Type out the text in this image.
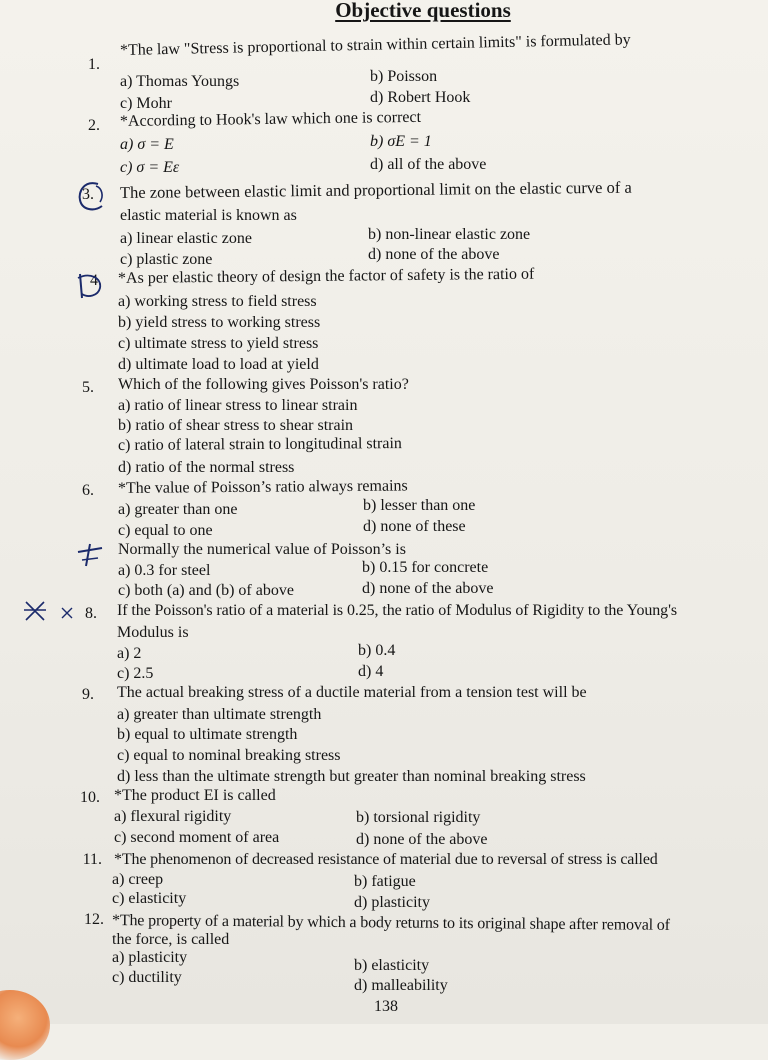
Objective questions
1.
*The law "Stress is proportional to strain within certain limits" is formulated by
a) Thomas Youngs	b) Poisson
c) Mohr	d) Robert Hook
2. *According to Hook's law which one is correct
a) σ = E	b) σE = 1
c) σ = Eε	d) all of the above
3. The zone between elastic limit and proportional limit on the elastic curve of a
elastic material is known as
a) linear elastic zone	b) non-linear elastic zone
c) plastic zone	d) none of the above
4. *As per elastic theory of design the factor of safety is the ratio of
a) working stress to field stress
b) yield stress to working stress
c) ultimate stress to yield stress
d) ultimate load to load at yield
5. Which of the following gives Poisson's ratio?
a) ratio of linear stress to linear strain
b) ratio of shear stress to shear strain
c) ratio of lateral strain to longitudinal strain
d) ratio of the normal stress
6. *The value of Poisson’s ratio always remains
a) greater than one	b) lesser than one
c) equal to one	d) none of these
Normally the numerical value of Poisson’s is
a) 0.3 for steel	b) 0.15 for concrete
c) both (a) and (b) of above	d) none of the above
8. If the Poisson's ratio of a material is 0.25, the ratio of Modulus of Rigidity to the Young's
Modulus is
a) 2	b) 0.4
c) 2.5	d) 4
9. The actual breaking stress of a ductile material from a tension test will be
a) greater than ultimate strength
b) equal to ultimate strength
c) equal to nominal breaking stress
d) less than the ultimate strength but greater than nominal breaking stress
10. *The product EI is called
a) flexural rigidity	b) torsional rigidity
c) second moment of area	d) none of the above
11. *The phenomenon of decreased resistance of material due to reversal of stress is called
a) creep	b) fatigue
c) elasticity	d) plasticity
12. *The property of a material by which a body returns to its original shape after removal of
the force, is called
a) plasticity	b) elasticity
c) ductility	d) malleability
138
